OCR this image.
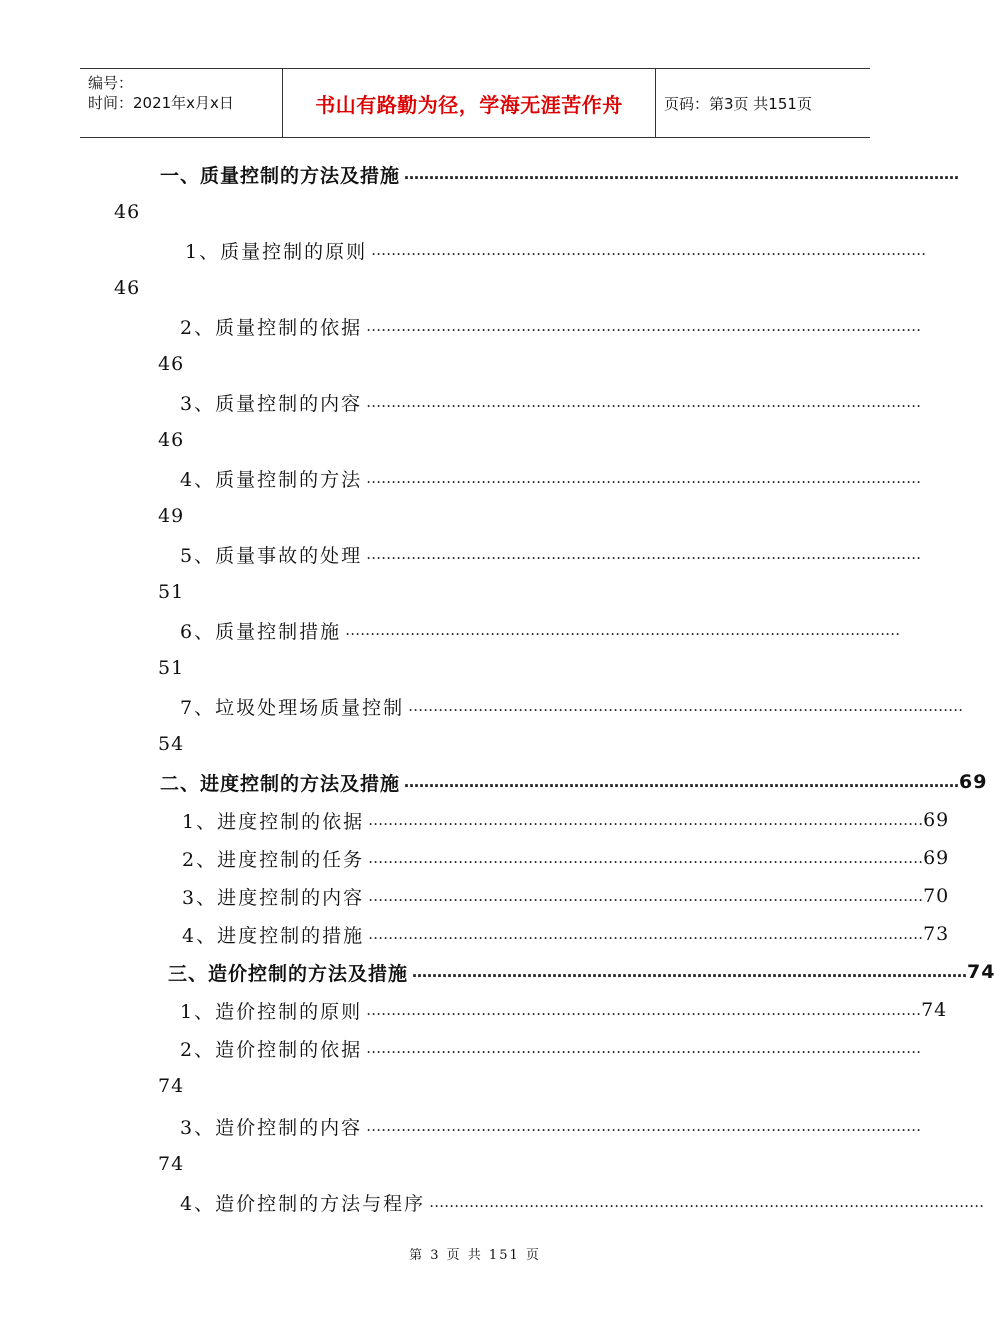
编号：
时间：2021年x月x日	书山有路勤为径，学海无涯苦作舟	页码：第3页 共151页
一、质量控制的方法及措施 …………………………………………………………………………………………………
46
1、质量控制的原则 …………………………………………………………………………………………………
46
2、质量控制的依据 …………………………………………………………………………………………………
46
3、质量控制的内容 …………………………………………………………………………………………………
46
4、质量控制的方法 …………………………………………………………………………………………………
49
5、质量事故的处理 …………………………………………………………………………………………………
51
6、质量控制措施 …………………………………………………………………………………………………
51
7、垃圾处理场质量控制 …………………………………………………………………………………………………
54
二、进度控制的方法及措施 ………………………………………………………………………………………………… 69
1、进度控制的依据 ………………………………………………………………………………………………… 69
2、进度控制的任务 ………………………………………………………………………………………………… 69
3、进度控制的内容 ………………………………………………………………………………………………… 70
4、进度控制的措施 ………………………………………………………………………………………………… 73
三、造价控制的方法及措施 ………………………………………………………………………………………………… 74
1、造价控制的原则 ………………………………………………………………………………………………… 74
2、造价控制的依据 …………………………………………………………………………………………………
74
3、造价控制的内容 …………………………………………………………………………………………………
74
4、造价控制的方法与程序 …………………………………………………………………………………………………
第 3 页 共 151 页
